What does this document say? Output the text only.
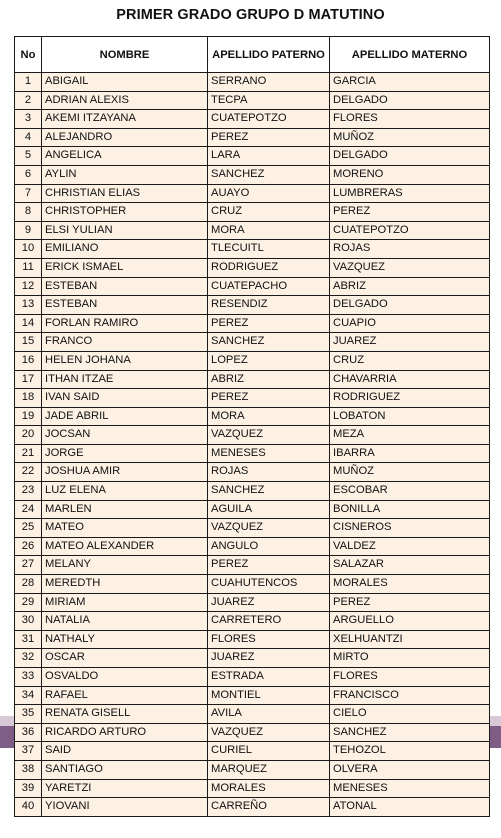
PRIMER GRADO GRUPO D MATUTINO
No	NOMBRE	APELLIDO PATERNO	APELLIDO MATERNO
1	ABIGAIL	SERRANO	GARCIA
2	ADRIAN ALEXIS	TECPA	DELGADO
3	AKEMI ITZAYANA	CUATEPOTZO	FLORES
4	ALEJANDRO	PEREZ	MUÑOZ
5	ANGELICA	LARA	DELGADO
6	AYLIN	SANCHEZ	MORENO
7	CHRISTIAN ELIAS	AUAYO	LUMBRERAS
8	CHRISTOPHER	CRUZ	PEREZ
9	ELSI YULIAN	MORA	CUATEPOTZO
10	EMILIANO	TLECUITL	ROJAS
11	ERICK ISMAEL	RODRIGUEZ	VAZQUEZ
12	ESTEBAN	CUATEPACHO	ABRIZ
13	ESTEBAN	RESENDIZ	DELGADO
14	FORLAN RAMIRO	PEREZ	CUAPIO
15	FRANCO	SANCHEZ	JUAREZ
16	HELEN JOHANA	LOPEZ	CRUZ
17	ITHAN ITZAE	ABRIZ	CHAVARRIA
18	IVAN SAID	PEREZ	RODRIGUEZ
19	JADE ABRIL	MORA	LOBATON
20	JOCSAN	VAZQUEZ	MEZA
21	JORGE	MENESES	IBARRA
22	JOSHUA AMIR	ROJAS	MUÑOZ
23	LUZ ELENA	SANCHEZ	ESCOBAR
24	MARLEN	AGUILA	BONILLA
25	MATEO	VAZQUEZ	CISNEROS
26	MATEO ALEXANDER	ANGULO	VALDEZ
27	MELANY	PEREZ	SALAZAR
28	MEREDTH	CUAHUTENCOS	MORALES
29	MIRIAM	JUAREZ	PEREZ
30	NATALIA	CARRETERO	ARGUELLO
31	NATHALY	FLORES	XELHUANTZI
32	OSCAR	JUAREZ	MIRTO
33	OSVALDO	ESTRADA	FLORES
34	RAFAEL	MONTIEL	FRANCISCO
35	RENATA GISELL	AVILA	CIELO
36	RICARDO ARTURO	VAZQUEZ	SANCHEZ
37	SAID	CURIEL	TEHOZOL
38	SANTIAGO	MARQUEZ	OLVERA
39	YARETZI	MORALES	MENESES
40	YIOVANI	CARREÑO	ATONAL
